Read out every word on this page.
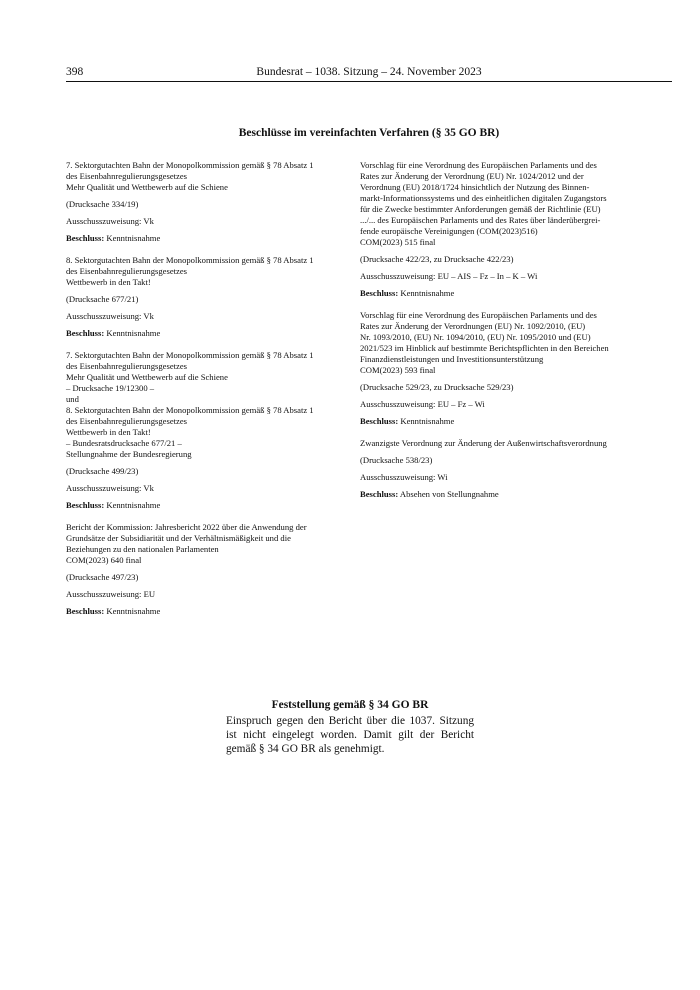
398	Bundesrat – 1038. Sitzung – 24. November 2023
Beschlüsse im vereinfachten Verfahren (§ 35 GO BR)
7. Sektorgutachten Bahn der Monopolkommission gemäß § 78 Absatz 1
des Eisenbahnregulierungsgesetzes
Mehr Qualität und Wettbewerb auf die Schiene

(Drucksache 334/19)

Ausschusszuweisung: Vk

Beschluss: Kenntnisnahme

8. Sektorgutachten Bahn der Monopolkommission gemäß § 78 Absatz 1
des Eisenbahnregulierungsgesetzes
Wettbewerb in den Takt!

(Drucksache 677/21)

Ausschusszuweisung: Vk

Beschluss: Kenntnisnahme

7. Sektorgutachten Bahn der Monopolkommission gemäß § 78 Absatz 1
des Eisenbahnregulierungsgesetzes
Mehr Qualität und Wettbewerb auf die Schiene
– Drucksache 19/12300 –
und
8. Sektorgutachten Bahn der Monopolkommission gemäß § 78 Absatz 1
des Eisenbahnregulierungsgesetzes
Wettbewerb in den Takt!
– Bundesratsdrucksache 677/21 –
Stellungnahme der Bundesregierung

(Drucksache 499/23)

Ausschusszuweisung: Vk

Beschluss: Kenntnisnahme

Bericht der Kommission: Jahresbericht 2022 über die Anwendung der
Grundsätze der Subsidiarität und der Verhältnismäßigkeit und die
Beziehungen zu den nationalen Parlamenten
COM(2023) 640 final

(Drucksache 497/23)

Ausschusszuweisung: EU

Beschluss: Kenntnisnahme

Vorschlag für eine Verordnung des Europäischen Parlaments und des
Rates zur Änderung der Verordnung (EU) Nr. 1024/2012 und der
Verordnung (EU) 2018/1724 hinsichtlich der Nutzung des Binnen-
markt-Informationssystems und des einheitlichen digitalen Zugangstors
für die Zwecke bestimmter Anforderungen gemäß der Richtlinie (EU)
.../... des Europäischen Parlaments und des Rates über länderübergrei-
fende europäische Vereinigungen (COM(2023)516)
COM(2023) 515 final

(Drucksache 422/23, zu Drucksache 422/23)

Ausschusszuweisung: EU – AIS – Fz – In – K – Wi

Beschluss: Kenntnisnahme

Vorschlag für eine Verordnung des Europäischen Parlaments und des
Rates zur Änderung der Verordnungen (EU) Nr. 1092/2010, (EU)
Nr. 1093/2010, (EU) Nr. 1094/2010, (EU) Nr. 1095/2010 und (EU)
2021/523 im Hinblick auf bestimmte Berichtspflichten in den Bereichen
Finanzdienstleistungen und Investitionsunterstützung
COM(2023) 593 final

(Drucksache 529/23, zu Drucksache 529/23)

Ausschusszuweisung: EU – Fz – Wi

Beschluss: Kenntnisnahme

Zwanzigste Verordnung zur Änderung der Außenwirtschaftsverordnung

(Drucksache 538/23)

Ausschusszuweisung: Wi

Beschluss: Absehen von Stellungnahme

Feststellung gemäß § 34 GO BR
Einspruch gegen den Bericht über die 1037. Sitzung ist nicht eingelegt worden. Damit gilt der Bericht gemäß § 34 GO BR als genehmigt.
